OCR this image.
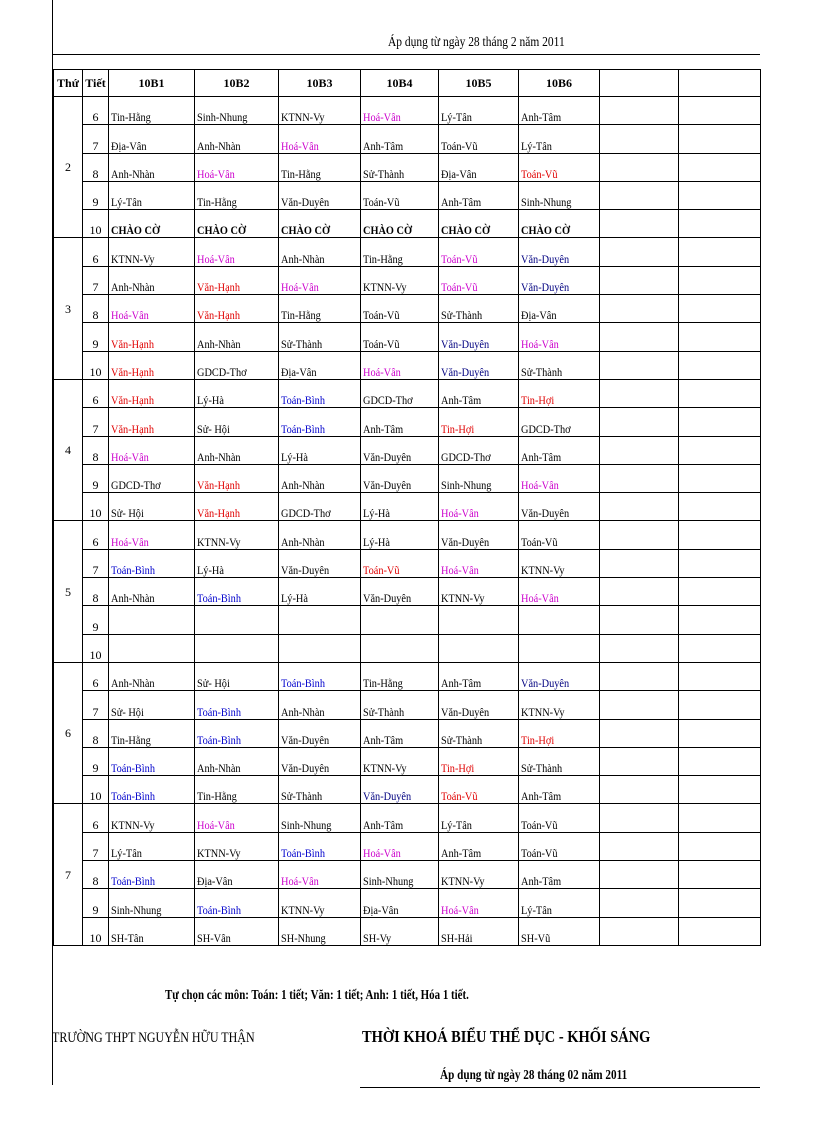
Áp dụng từ ngày 28 tháng 2 năm 2011
Thứ	Tiết	10B1	10B2	10B3	10B4	10B5	10B6		
2	6	Tin-Hằng	Sinh-Nhung	KTNN-Vy	Hoá-Vân	Lý-Tân	Anh-Tâm		
	7	Địa-Vân	Anh-Nhàn	Hoá-Vân	Anh-Tâm	Toán-Vũ	Lý-Tân		
	8	Anh-Nhàn	Hoá-Vân	Tin-Hằng	Sử-Thành	Địa-Vân	Toán-Vũ		
	9	Lý-Tân	Tin-Hằng	Văn-Duyên	Toán-Vũ	Anh-Tâm	Sinh-Nhung		
	10	CHÀO CỜ	CHÀO CỜ	CHÀO CỜ	CHÀO CỜ	CHÀO CỜ	CHÀO CỜ		
3	6	KTNN-Vy	Hoá-Vân	Anh-Nhàn	Tin-Hằng	Toán-Vũ	Văn-Duyên		
	7	Anh-Nhàn	Văn-Hạnh	Hoá-Vân	KTNN-Vy	Toán-Vũ	Văn-Duyên		
	8	Hoá-Vân	Văn-Hạnh	Tin-Hằng	Toán-Vũ	Sử-Thành	Địa-Vân		
	9	Văn-Hạnh	Anh-Nhàn	Sử-Thành	Toán-Vũ	Văn-Duyên	Hoá-Vân		
	10	Văn-Hạnh	GDCD-Thơ	Địa-Vân	Hoá-Vân	Văn-Duyên	Sử-Thành		
4	6	Văn-Hạnh	Lý-Hà	Toán-Bình	GDCD-Thơ	Anh-Tâm	Tin-Hợi		
	7	Văn-Hạnh	Sử- Hội	Toán-Bình	Anh-Tâm	Tin-Hợi	GDCD-Thơ		
	8	Hoá-Vân	Anh-Nhàn	Lý-Hà	Văn-Duyên	GDCD-Thơ	Anh-Tâm		
	9	GDCD-Thơ	Văn-Hạnh	Anh-Nhàn	Văn-Duyên	Sinh-Nhung	Hoá-Vân		
	10	Sử- Hội	Văn-Hạnh	GDCD-Thơ	Lý-Hà	Hoá-Vân	Văn-Duyên		
5	6	Hoá-Vân	KTNN-Vy	Anh-Nhàn	Lý-Hà	Văn-Duyên	Toán-Vũ		
	7	Toán-Bình	Lý-Hà	Văn-Duyên	Toán-Vũ	Hoá-Vân	KTNN-Vy		
	8	Anh-Nhàn	Toán-Bình	Lý-Hà	Văn-Duyên	KTNN-Vy	Hoá-Vân		
	9								
	10								
6	6	Anh-Nhàn	Sử- Hội	Toán-Bình	Tin-Hằng	Anh-Tâm	Văn-Duyên		
	7	Sử- Hội	Toán-Bình	Anh-Nhàn	Sử-Thành	Văn-Duyên	KTNN-Vy		
	8	Tin-Hằng	Toán-Bình	Văn-Duyên	Anh-Tâm	Sử-Thành	Tin-Hợi		
	9	Toán-Bình	Anh-Nhàn	Văn-Duyên	KTNN-Vy	Tin-Hợi	Sử-Thành		
	10	Toán-Bình	Tin-Hằng	Sử-Thành	Văn-Duyên	Toán-Vũ	Anh-Tâm		
7	6	KTNN-Vy	Hoá-Vân	Sinh-Nhung	Anh-Tâm	Lý-Tân	Toán-Vũ		
	7	Lý-Tân	KTNN-Vy	Toán-Bình	Hoá-Vân	Anh-Tâm	Toán-Vũ		
	8	Toán-Bình	Địa-Vân	Hoá-Vân	Sinh-Nhung	KTNN-Vy	Anh-Tâm		
	9	Sinh-Nhung	Toán-Bình	KTNN-Vy	Địa-Vân	Hoá-Vân	Lý-Tân		
	10	SH-Tân	SH-Vân	SH-Nhung	SH-Vy	SH-Hải	SH-Vũ		
Tự chọn các môn: Toán: 1 tiết; Văn: 1 tiết; Anh: 1 tiết, Hóa 1 tiết.
TRƯỜNG THPT NGUYỄN HỮU THẬN	THỜI KHOÁ BIỂU THỂ DỤC - KHỐI SÁNG
Áp dụng từ ngày 28 tháng 02 năm 2011
